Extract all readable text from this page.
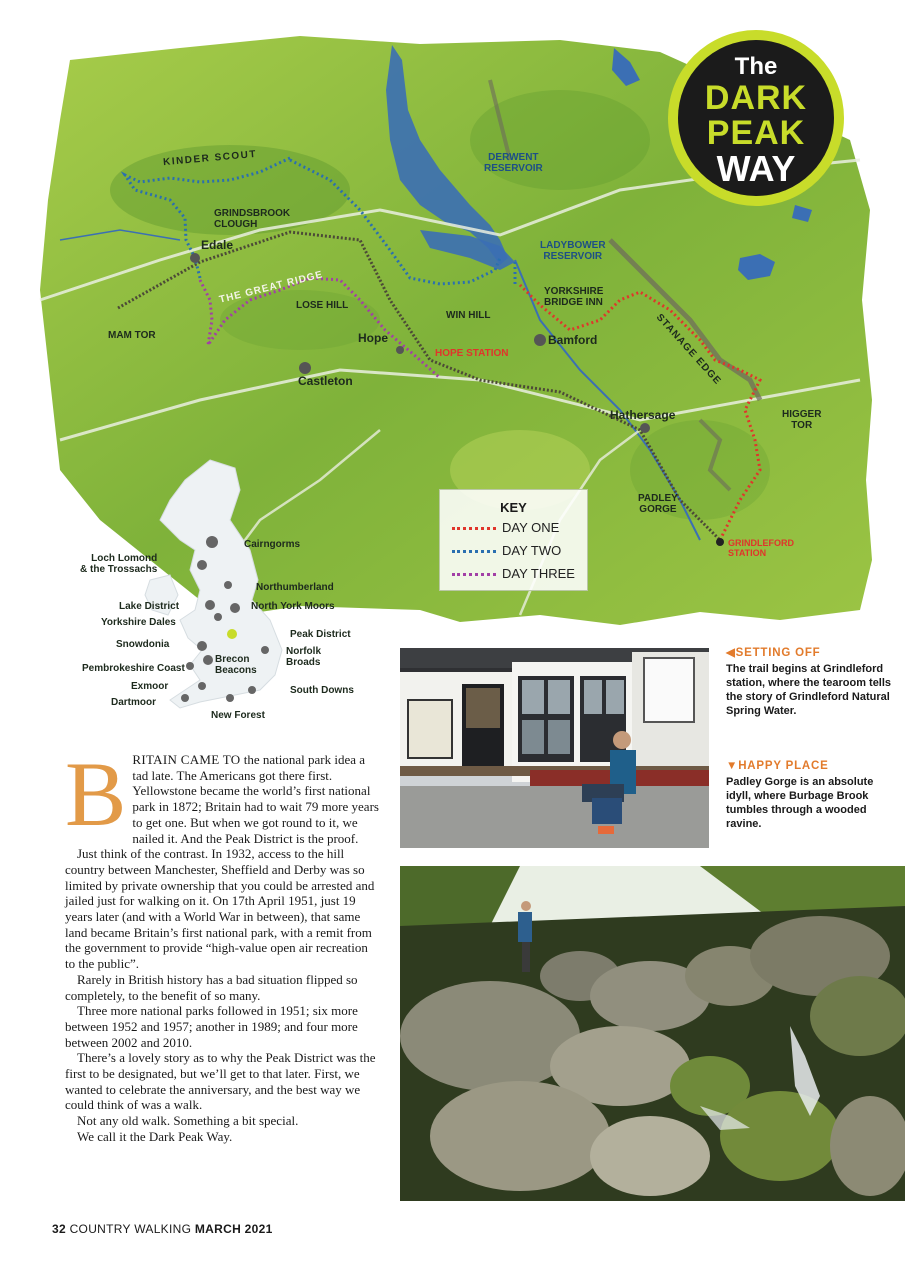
The
DARK
PEAK
WAY
KINDER SCOUT
GRINDSBROOK
CLOUGH
Edale
THE GREAT RIDGE
LOSE HILL
MAM TOR	Hope
HOPE STATION
Castleton
WIN HILL
DERWENT
RESERVOIR
LADYBOWER
RESERVOIR
YORKSHIRE
BRIDGE INN
Bamford	STANAGE EDGE
Hathersage	HIGGER
TOR
PADLEY
GORGE
GRINDLEFORD
STATION
KEY
DAY ONE
DAY TWO
DAY THREE
Cairngorms
Loch Lomond
& the Trossachs
Northumberland
Lake District	North York Moors
Yorkshire Dales
Peak District
Snowdonia
Norfolk
Broads
Brecon
Beacons
Pembrokeshire Coast
Exmoor	South Downs
Dartmoor
New Forest
◀SETTING OFF
The trail begins at Grindleford station, where the tearoom tells the story of Grindleford Natural Spring Water.
▼HAPPY PLACE
Padley Gorge is an absolute idyll, where Burbage Brook tumbles through a wooded ravine.

BRITAIN CAME TO the national park idea a tad late. The Americans got there first. Yellowstone became the world’s first national park in 1872; Britain had to wait 79 more years to get one. But when we got round to it, we nailed it. And the Peak District is the proof.

Just think of the contrast. In 1932, access to the hill country between Manchester, Sheffield and Derby was so limited by private ownership that you could be arrested and jailed just for walking on it. On 17th April 1951, just 19 years later (and with a World War in between), that same land became Britain’s first national park, with a remit from the government to provide “high-value open air recreation to the public”.

Rarely in British history has a bad situation flipped so completely, to the benefit of so many.

Three more national parks followed in 1951; six more between 1952 and 1957; another in 1989; and four more between 2002 and 2010.

There’s a lovely story as to why the Peak District was the first to be designated, but we’ll get to that later. First, we wanted to celebrate the anniversary, and the best way we could think of was a walk.

Not any old walk. Something a bit special.

We call it the Dark Peak Way.

32 COUNTRY WALKING MARCH 2021
